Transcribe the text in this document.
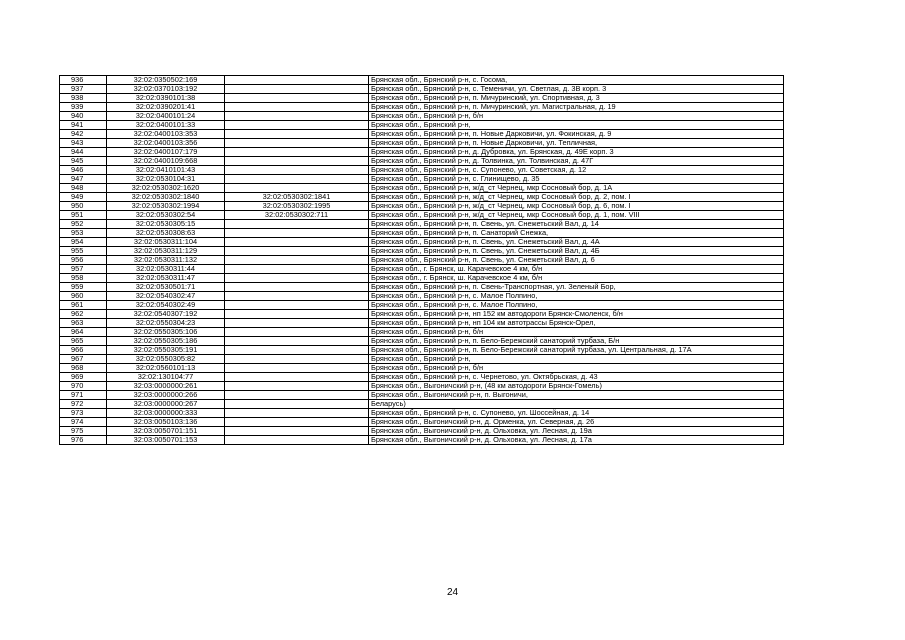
936	32:02:0350502:169		Брянская обл., Брянский р-н, с. Госома,
937	32:02:0370103:192		Брянская обл., Брянский р-н, с. Теменичи, ул. Светлая, д. 3В корп. 3
938	32:02:0390101:38		Брянская обл., Брянский р-н, п. Мичуринский, ул. Спортивная, д. 3
939	32:02:0390201:41		Брянская обл., Брянский р-н, п. Мичуринский, ул. Магистральная, д. 19
940	32:02:0400101:24		Брянская обл., Брянский р-н, б/н
941	32:02:0400101:33		Брянская обл., Брянский р-н,
942	32:02:0400103:353		Брянская обл., Брянский р-н, п. Новые Дарковичи, ул. Фокинская, д. 9
943	32:02:0400103:356		Брянская обл., Брянский р-н, п. Новые Дарковичи, ул. Тепличная,
944	32:02:0400107:179		Брянская обл., Брянский р-н, д. Дубровка, ул. Брянская, д. 49Е корп. 3
945	32:02:0400109:668		Брянская обл., Брянский р-н, д. Толвинка, ул. Толвинская, д. 47Г
946	32:02:0410101:43		Брянская обл., Брянский р-н, с. Супонево, ул. Советская, д. 12
947	32:02:0530104:31		Брянская обл., Брянский р-н, с. Глинищево, д. 35
948	32:02:0530302:1620		Брянская обл., Брянский р-н, ж/д_ст Чернец, мкр Сосновый бор, д. 1А
949	32:02:0530302:1840	32:02:0530302:1841	Брянская обл., Брянский р-н, ж/д_ст Чернец, мкр Сосновый бор, д. 2, пом. I
950	32:02:0530302:1994	32:02:0530302:1995	Брянская обл., Брянский р-н, ж/д_ст Чернец, мкр Сосновый бор, д. 6, пом. I
951	32:02:0530302:54	32:02:0530302:711	Брянская обл., Брянский р-н, ж/д_ст Чернец, мкр Сосновый бор, д. 1, пом. VIII
952	32:02:0530305:15		Брянская обл., Брянский р-н, п. Свень, ул. Снежетьский Вал, д. 14
953	32:02:0530308:63		Брянская обл., Брянский р-н, п. Санаторий Снежка,
954	32:02:0530311:104		Брянская обл., Брянский р-н, п. Свень, ул. Снежетьский Вал, д. 4А
955	32:02:0530311:129		Брянская обл., Брянский р-н, п. Свень, ул. Снежетьский Вал, д. 4Б
956	32:02:0530311:132		Брянская обл., Брянский р-н, п. Свень, ул. Снежетьский Вал, д. 6
957	32:02:0530311:44		Брянская обл., г. Брянск, ш. Карачевское 4 км, б/н
958	32:02:0530311:47		Брянская обл., г. Брянск, ш. Карачевское 4 км, б/н
959	32:02:0530501:71		Брянская обл., Брянский р-н, п. Свень-Транспортная, ул. Зеленый Бор,
960	32:02:0540302:47		Брянская обл., Брянский р-н, с. Малое Полпино,
961	32:02:0540302:49		Брянская обл., Брянский р-н, с. Малое Полпино,
962	32:02:0540307:192		Брянская обл., Брянский р-н, нп 152 км автодороги Брянск-Смоленск, б/н
963	32:02:0550304:23		Брянская обл., Брянский р-н, нп 104 км автотрассы Брянск-Орел,
964	32:02:0550305:106		Брянская обл., Брянский р-н, б/н
965	32:02:0550305:186		Брянская обл., Брянский р-н, п. Бело-Бережский санаторий турбаза, Б/н
966	32:02:0550305:191		Брянская обл., Брянский р-н, п. Бело-Бережский санаторий турбаза, ул. Центральная, д. 17А
967	32:02:0550305:82		Брянская обл., Брянский р-н,
968	32:02:0560101:13		Брянская обл., Брянский р-н, б/н
969	32:02:130104:77		Брянская обл., Брянский р-н, с. Чернетово, ул. Октябрьская, д. 43
970	32:03:0000000:261		Брянская обл., Выгоничский р-н, (48 км автодороги Брянск-Гомель)
971	32:03:0000000:266		Брянская обл., Выгоничский р-н, п. Выгоничи,
972	32:03:0000000:267		Беларусь)
973	32:03:0000000:333		Брянская обл., Брянский р-н, с. Супонево, ул. Шоссейная, д. 14
974	32:03:0050103:136		Брянская обл., Выгоничский р-н, д. Орменка, ул. Северная, д. 26
975	32:03:0050701:151		Брянская обл., Выгоничский р-н, д. Ольховка, ул. Лесная, д. 19а
976	32:03:0050701:153		Брянская обл., Выгоничский р-н, д. Ольховка, ул. Лесная, д. 17а
24
